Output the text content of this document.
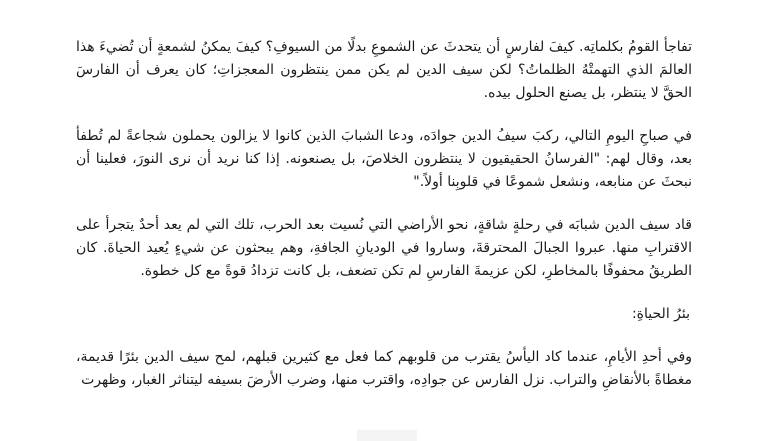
تفاجأ القومُ بكلماتِه. كيفَ لفارسٍ أن يتحدثَ عن الشموعِ بدلًا من السيوفِ؟ كيفَ يمكنُ لشمعةٍ أن تُضيءَ هذا العالمَ الذي التهمتْهُ الظلماتُ؟ لكن سيف الدين لم يكن ممن ينتظرون المعجزاتِ؛ كان يعرف أن الفارسَ الحقَّ لا ينتظر، بل يصنع الحلول بيده.

في صباحِ اليومِ التالي، ركبَ سيفُ الدين جوادَه، ودعا الشبابَ الذين كانوا لا يزالون يحملون شجاعةً لم تُطفأ بعد، وقال لهم: "الفرسانُ الحقيقيون لا ينتظرون الخلاصَ، بل يصنعونه. إذا كنا نريد أن نرى النورَ، فعلينا أن نبحثَ عن منابعه، ونشعل شموعًا في قلوبِنا أولاً."

قاد سيف الدين شبابَه في رحلةٍ شاقةٍ، نحو الأراضي التي نُسيت بعد الحرب، تلك التي لم يعد أحدٌ يتجرأ على الاقترابِ منها. عبروا الجبالَ المحترقةَ، وساروا في الوديانِ الجافةِ، وهم يبحثون عن شيءٍ يُعيد الحياةَ. كان الطريقُ محفوفًا بالمخاطرِ، لكن عزيمةَ الفارسِ لم تكن تضعف، بل كانت تزدادُ قوةً مع كل خطوة.

بئرُ الحياةِ:

وفي أحدِ الأيامِ، عندما كاد اليأسُ يقترب من قلوبهم كما فعل مع كثيرين قبلهم، لمح سيف الدين بئرًا قديمة، مغطاةً بالأنقاضِ والتراب. نزل الفارس عن جوادِه، واقترب منها، وضرب الأرضَ بسيفه ليتناثر الغبار، وظهرت
